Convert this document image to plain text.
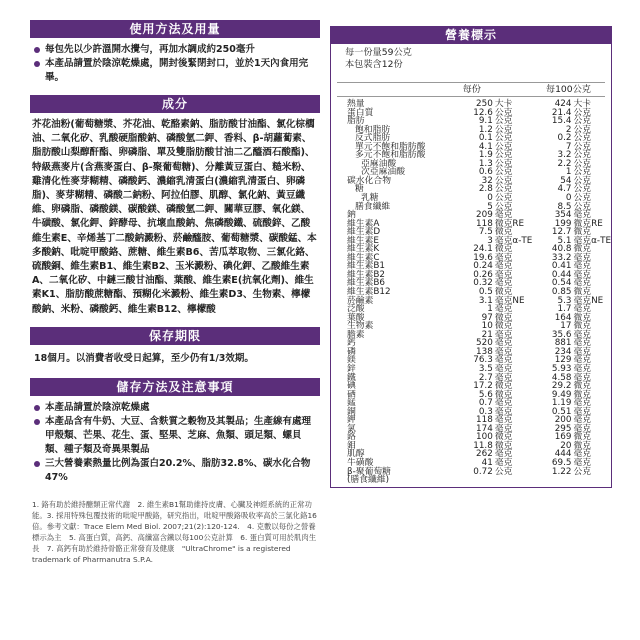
使用方法及用量
每包先以少許溫開水攪勻，再加水調成約250毫升
本產品請置於陰涼乾燥處，開封後緊閉封口，並於1天內食用完畢。
成分
芥花油粉(葡萄糖漿、芥花油、乾酪素鈉、脂肪酸甘油酯、氯化棕櫚油、二氧化矽、乳酸硬脂酸鈉、磷酸氫二鉀、香料、β-胡蘿蔔素、脂肪酸山梨醇酐酯、卵磷脂、單及雙脂肪酸甘油二乙醯酒石酸酯)、特級燕麥片(含燕麥蛋白、β-聚葡萄糖)、分離黃豆蛋白、糙米粉、雞清化性麥芽糊精、磷酸鈣、濃縮乳清蛋白(濃縮乳清蛋白、卵磷脂)、麥芽糊精、磷酸二鈉粉、阿拉伯膠、肌醇、氯化鈉、黃豆纖維、卵磷脂、磷酸鎂、碳酸鎂、磷酸氫二鉀、關華豆膠、氧化鎂、牛磺酸、氯化鉀、鋅酵母、抗壞血酸鈉、焦磷酸鐵、硫酸鋅、乙酸維生素E、辛烯基丁二酸鈉澱粉、菸鹼醯胺、葡萄糖漿、碳酸錳、本多酸鈉、吡啶甲酸鉻、蔗糖、維生素B6、苦瓜萃取物、三氯化鉻、硫酸銅、維生素B1、維生素B2、玉米澱粉、碘化鉀、乙酸維生素A、二氧化矽、中鏈三酸甘油酯、葉酸、維生素E(抗氧化劑)、維生素K1、脂肪酸蔗糖酯、預糊化米澱粉、維生素D3、生物素、檸檬酸鈉、米粉、磷酸鈣、維生素B12、檸檬酸
保存期限
18個月。以消費者收受日起算，至少仍有1/3效期。
儲存方法及注意事項
本產品請置於陰涼乾燥處
本產品含有牛奶、大豆、含麩質之穀物及其製品；生產線有處理甲殼類、芒果、花生、蛋、堅果、芝麻、魚類、頭足類、螺貝類、種子類及奇異果製品
三大營養素熱量比例為蛋白20.2%、脂肪32.8%、碳水化合物47%
1. 鉻有助於維持醣類正常代謝　2. 維生素B1幫助維持皮膚、心臟及神經系統的正常功能。3. 採用特殊包覆技術的吡啶甲酸鉻，研究指出，吡啶甲酸鉻吸收率高於三氯化鉻16倍。參考文獻：Trace Elem Med Biol. 2007;21(2):120-124.　4. 克數以每份之營養標示為主　5. 高蛋白質，高鈣、高纖富含鐵以每100公克計算　6. 蛋白質可用於肌肉生長　7. 高鈣有助於維持骨骼正常發育及健康　"UltraChrome" is a registered trademark of Pharmanutra S.P.A.
營養標示
每一份量59公克
本包裝含12份
每份	每100公克
熱量	250	大卡	424	大卡
蛋白質	12.6	公克	21.4	公克
脂肪	9.1	公克	15.4	公克
飽和脂肪	1.2	公克	2	公克
反式脂肪	0.1	公克	0.2	公克
單元不飽和脂肪酸	4.1	公克	7	公克
多元不飽和脂肪酸	1.9	公克	3.2	公克
亞麻油酸	1.3	公克	2.2	公克
次亞麻油酸	0.6	公克	1	公克
碳水化合物	32	公克	54	公克
糖	2.8	公克	4.7	公克
乳糖	0	公克	0	公克
膳食纖維	5	公克	8.5	公克
鈉	209	毫克	354	毫克
維生素A	118	微克RE	199	微克RE
維生素D	7.5	微克	12.7	微克
維生素E	3	毫克α-TE	5.1	毫克α-TE
維生素K	24.1	微克	40.8	微克
維生素C	19.6	毫克	33.2	毫克
維生素B1	0.24	毫克	0.41	毫克
維生素B2	0.26	毫克	0.44	毫克
維生素B6	0.32	毫克	0.54	毫克
維生素B12	0.5	微克	0.85	微克
菸鹼素	3.1	毫克NE	5.3	毫克NE
泛酸	1	毫克	1.7	毫克
葉酸	97	微克	164	微克
生物素	10	微克	17	微克
膽素	21	毫克	35.6	毫克
鈣	520	毫克	881	毫克
磷	138	毫克	234	毫克
鎂	76.3	毫克	129	毫克
鋅	3.5	毫克	5.93	毫克
鐵	2.7	毫克	4.58	毫克
碘	17.2	微克	29.2	微克
硒	5.6	微克	9.49	微克
錳	0.7	毫克	1.19	毫克
銅	0.3	毫克	0.51	毫克
鉀	118	毫克	200	毫克
氯	174	毫克	295	毫克
鉻	100	微克	169	微克
鉬	11.8	微克	20	微克
肌醇	262	毫克	444	毫克
牛磺酸	41	毫克	69.5	毫克
β-聚葡萄糖	0.72	公克	1.22	公克
(膳食纖維)				
